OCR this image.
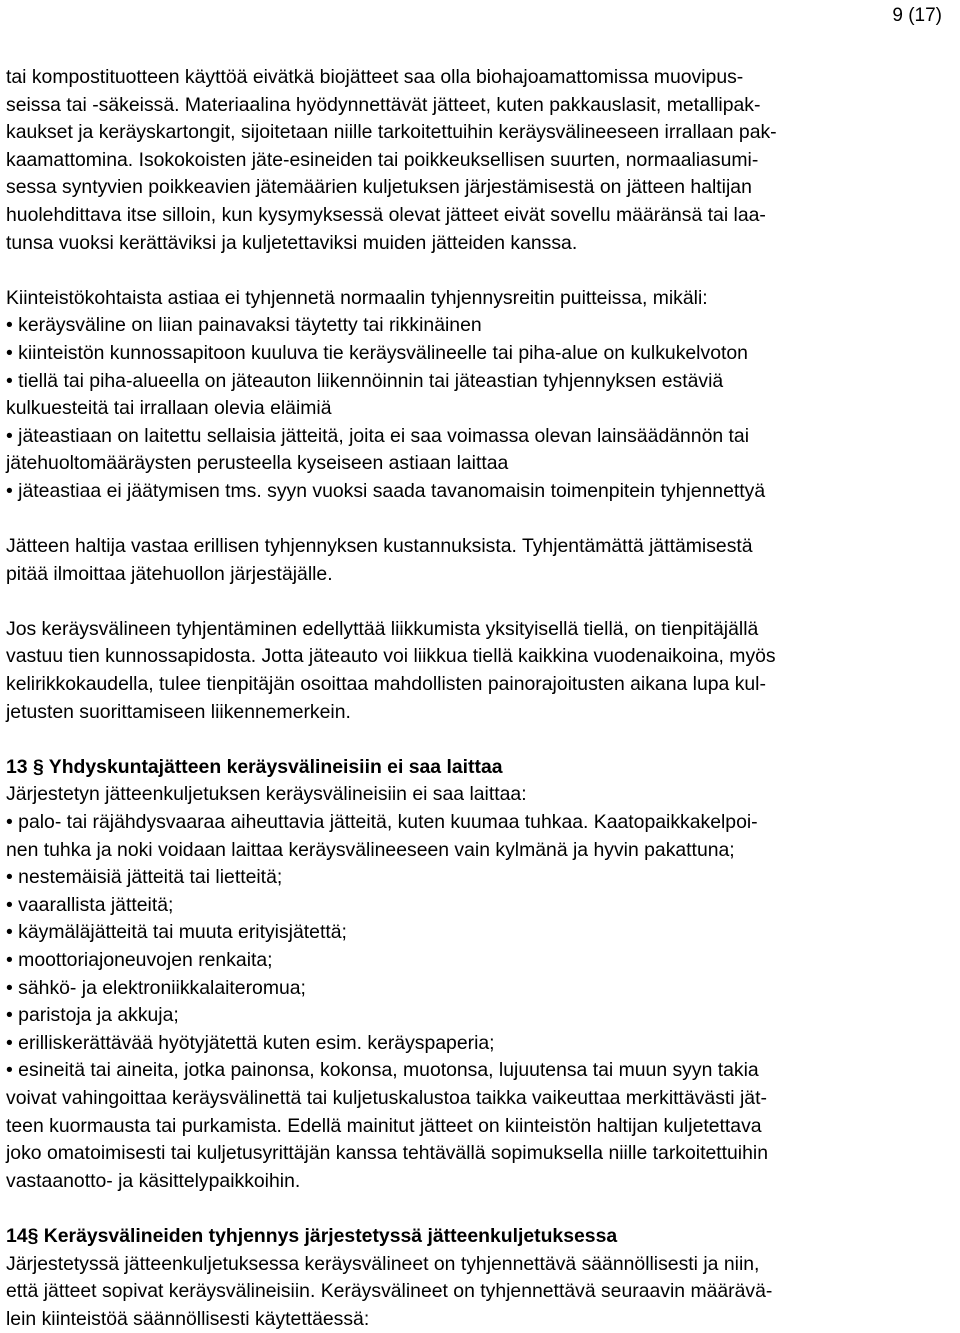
9 (17)

tai kompostituotteen käyttöä eivätkä biojätteet saa olla biohajoamattomissa muovipus-

seissa tai -säkeissä. Materiaalina hyödynnettävät jätteet, kuten pakkauslasit, metallipak-

kaukset ja keräyskartongit, sijoitetaan niille tarkoitettuihin keräysvälineeseen irrallaan pak-

kaamattomina. Isokokoisten jäte-esineiden tai poikkeuksellisen suurten, normaaliasumi-

sessa syntyvien poikkeavien jätemäärien kuljetuksen järjestämisestä on jätteen haltijan

huolehdittava itse silloin, kun kysymyksessä olevat jätteet eivät sovellu määränsä tai laa-

tunsa vuoksi kerättäviksi ja kuljetettaviksi muiden jätteiden kanssa.

Kiinteistökohtaista astiaa ei tyhjennetä normaalin tyhjennysreitin puitteissa, mikäli:

• keräysväline on liian painavaksi täytetty tai rikkinäinen

• kiinteistön kunnossapitoon kuuluva tie keräysvälineelle tai piha-alue on kulkukelvoton

• tiellä tai piha-alueella on jäteauton liikennöinnin tai jäteastian tyhjennyksen estäviä

kulkuesteitä tai irrallaan olevia eläimiä

• jäteastiaan on laitettu sellaisia jätteitä, joita ei saa voimassa olevan lainsäädännön tai

jätehuoltomääräysten perusteella kyseiseen astiaan laittaa

• jäteastiaa ei jäätymisen tms. syyn vuoksi saada tavanomaisin toimenpitein tyhjennettyä

Jätteen haltija vastaa erillisen tyhjennyksen kustannuksista. Tyhjentämättä jättämisestä

pitää ilmoittaa jätehuollon järjestäjälle.

Jos keräysvälineen tyhjentäminen edellyttää liikkumista yksityisellä tiellä, on tienpitäjällä

vastuu tien kunnossapidosta. Jotta jäteauto voi liikkua tiellä kaikkina vuodenaikoina, myös

kelirikkokaudella, tulee tienpitäjän osoittaa mahdollisten painorajoitusten aikana lupa kul-

jetusten suorittamiseen liikennemerkein.

13 § Yhdyskuntajätteen keräysvälineisiin ei saa laittaa

Järjestetyn jätteenkuljetuksen keräysvälineisiin ei saa laittaa:

• palo- tai räjähdysvaaraa aiheuttavia jätteitä, kuten kuumaa tuhkaa. Kaatopaikkakelpoi-

nen tuhka ja noki voidaan laittaa keräysvälineeseen vain kylmänä ja hyvin pakattuna;

• nestemäisiä jätteitä tai lietteitä;

• vaarallista jätteitä;

• käymäläjätteitä tai muuta erityisjätettä;

• moottoriajoneuvojen renkaita;

• sähkö- ja elektroniikkalaiteromua;

• paristoja ja akkuja;

• erilliskerättävää hyötyjätettä kuten esim. keräyspaperia;

• esineitä tai aineita, jotka painonsa, kokonsa, muotonsa, lujuutensa tai muun syyn takia

voivat vahingoittaa keräysvälinettä tai kuljetuskalustoa taikka vaikeuttaa merkittävästi jät-

teen kuormausta tai purkamista. Edellä mainitut jätteet on kiinteistön haltijan kuljetettava

joko omatoimisesti tai kuljetusyrittäjän kanssa tehtävällä sopimuksella niille tarkoitettuihin

vastaanotto- ja käsittelypaikkoihin.

14§ Keräysvälineiden tyhjennys järjestetyssä jätteenkuljetuksessa

Järjestetyssä jätteenkuljetuksessa keräysvälineet on tyhjennettävä säännöllisesti ja niin,

että jätteet sopivat keräysvälineisiin. Keräysvälineet on tyhjennettävä seuraavin määrävä-

lein kiinteistöä säännöllisesti käytettäessä:
